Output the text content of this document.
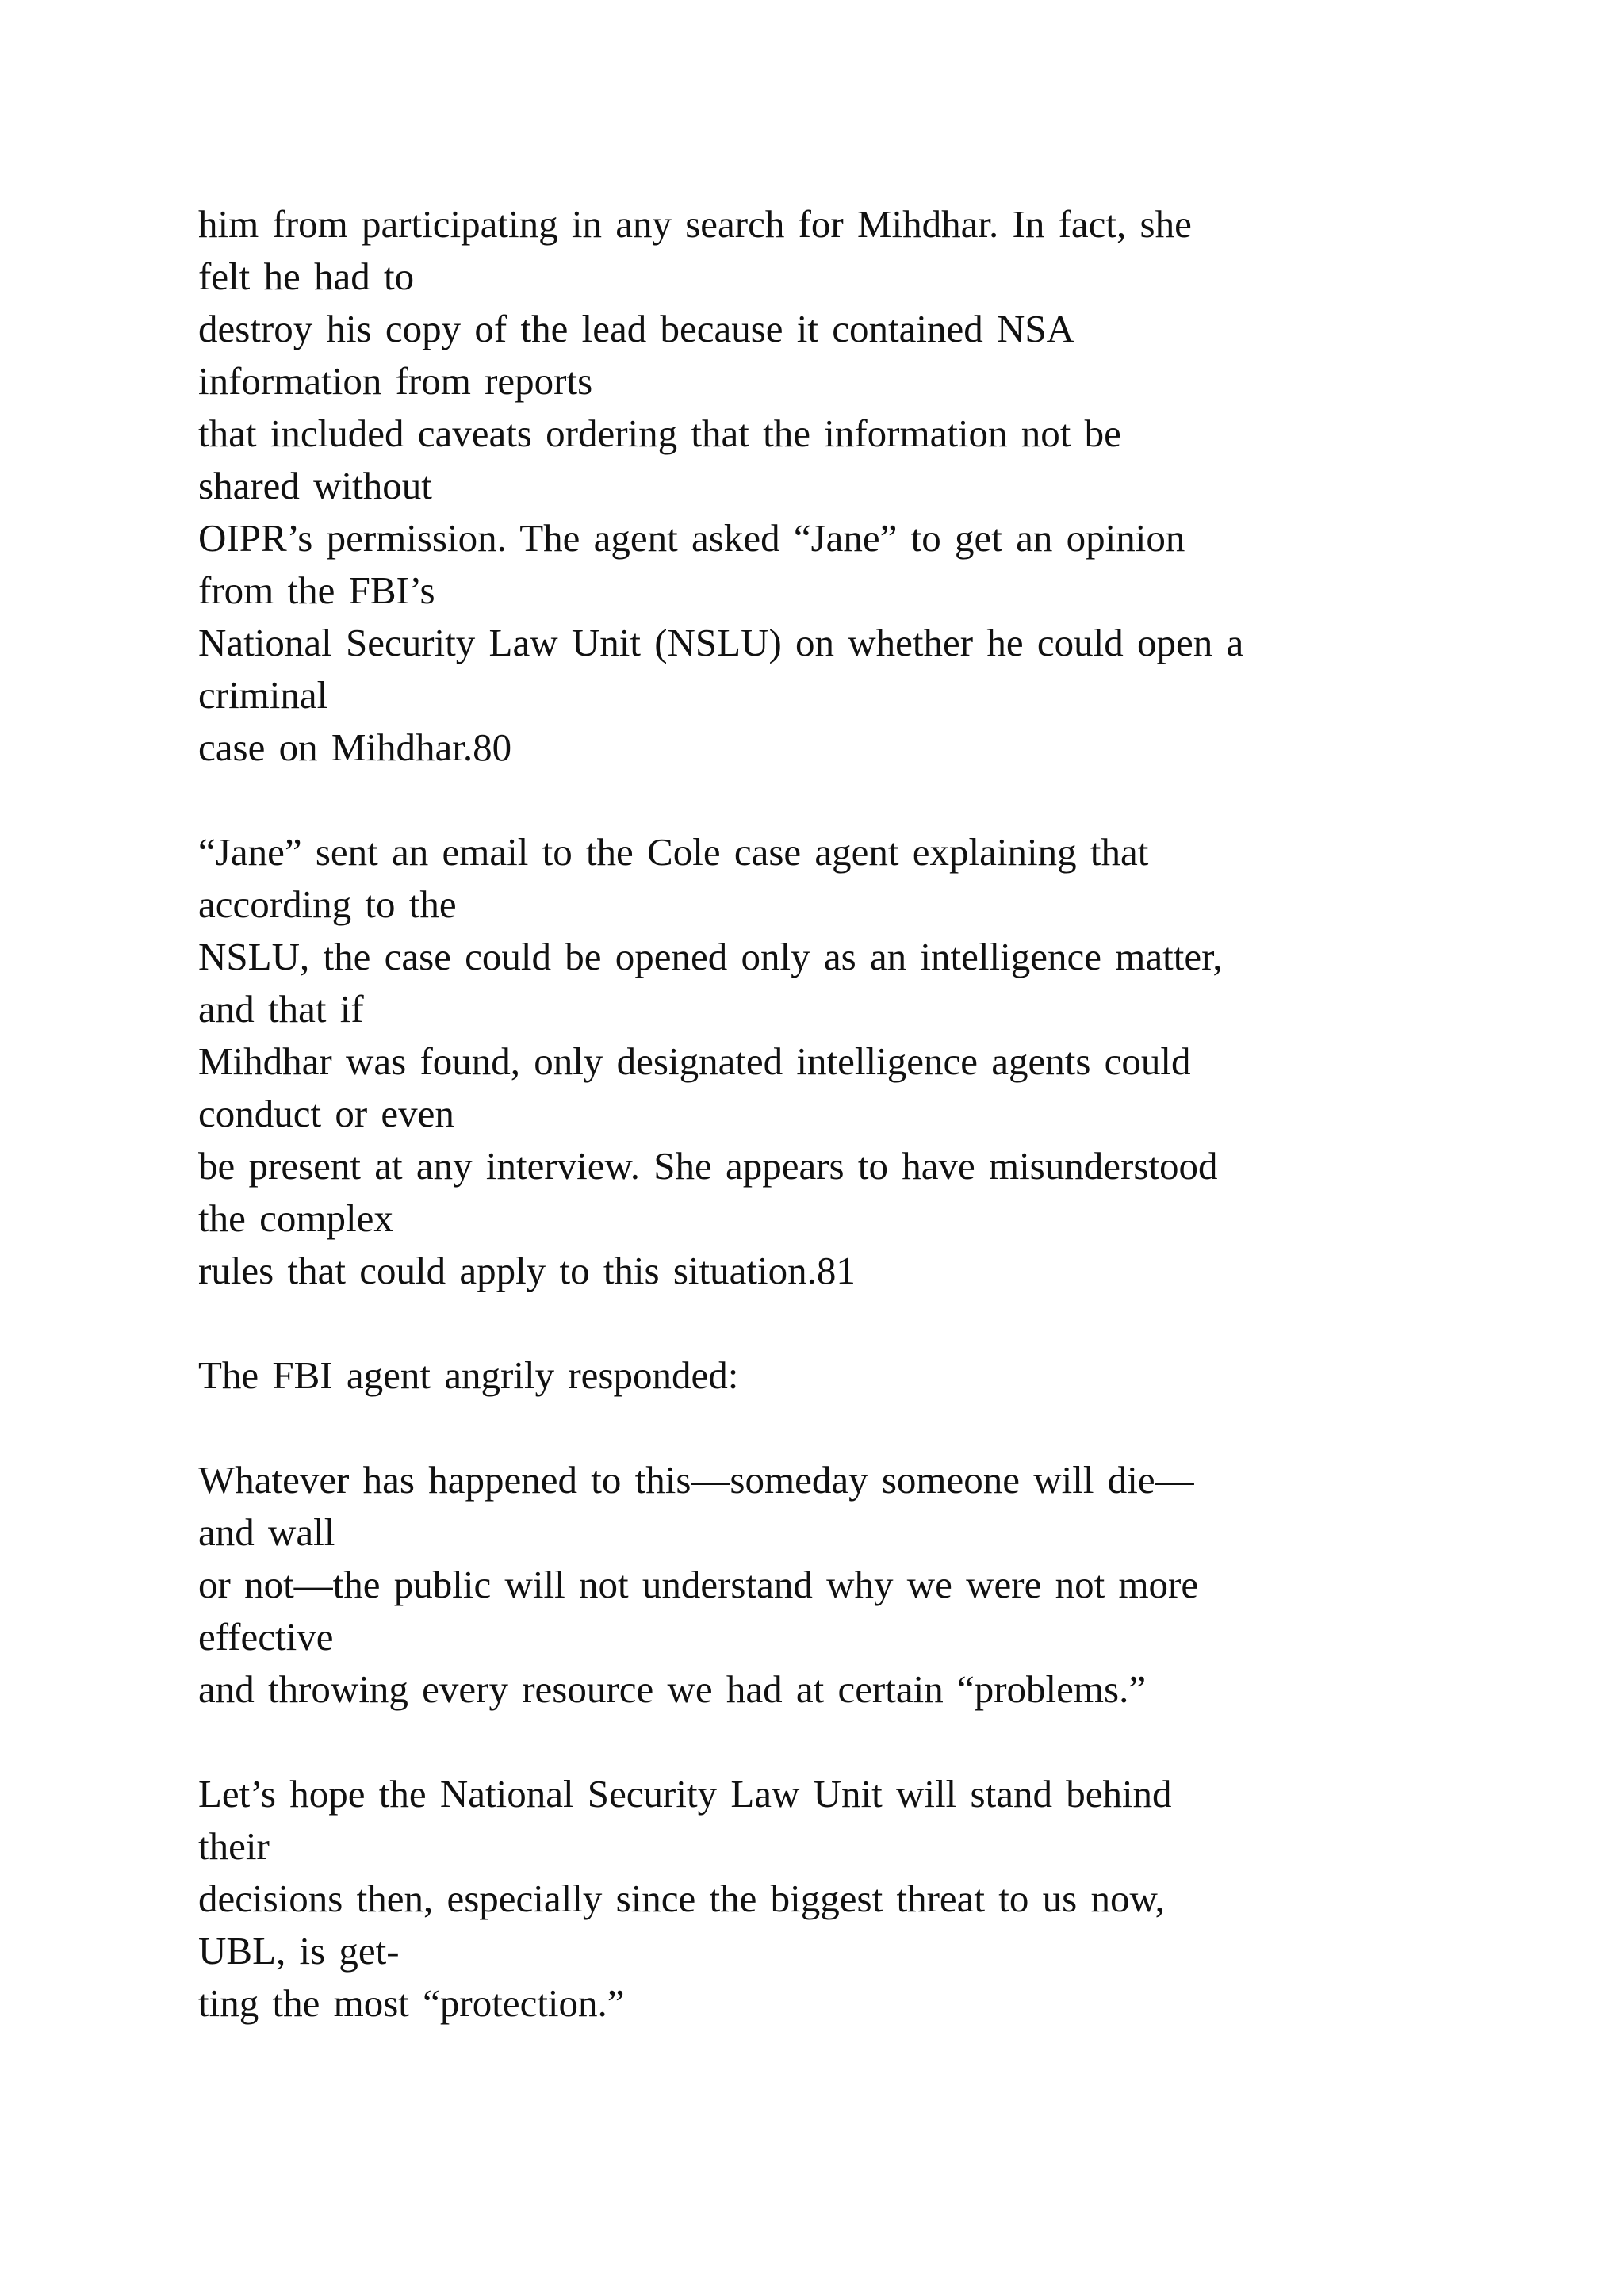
him from participating in any search for Mihdhar. In fact, she
felt he had to
destroy his copy of the lead because it contained NSA
information from reports
that included caveats ordering that the information not be
shared without
OIPR’s permission. The agent asked “Jane” to get an opinion
from the FBI’s
National Security Law Unit (NSLU) on whether he could open a
criminal
case on Mihdhar.80
“Jane” sent an email to the Cole case agent explaining that
according to the
NSLU, the case could be opened only as an intelligence matter,
and that if
Mihdhar was found, only designated intelligence agents could
conduct or even
be present at any interview. She appears to have misunderstood
the complex
rules that could apply to this situation.81
The FBI agent angrily responded:
Whatever has happened to this—someday someone will die—
and wall
or not—the public will not understand why we were not more
effective
and throwing every resource we had at certain “problems.”
Let’s hope the National Security Law Unit will stand behind
their
decisions then, especially since the biggest threat to us now,
UBL, is get-
ting the most “protection.”
